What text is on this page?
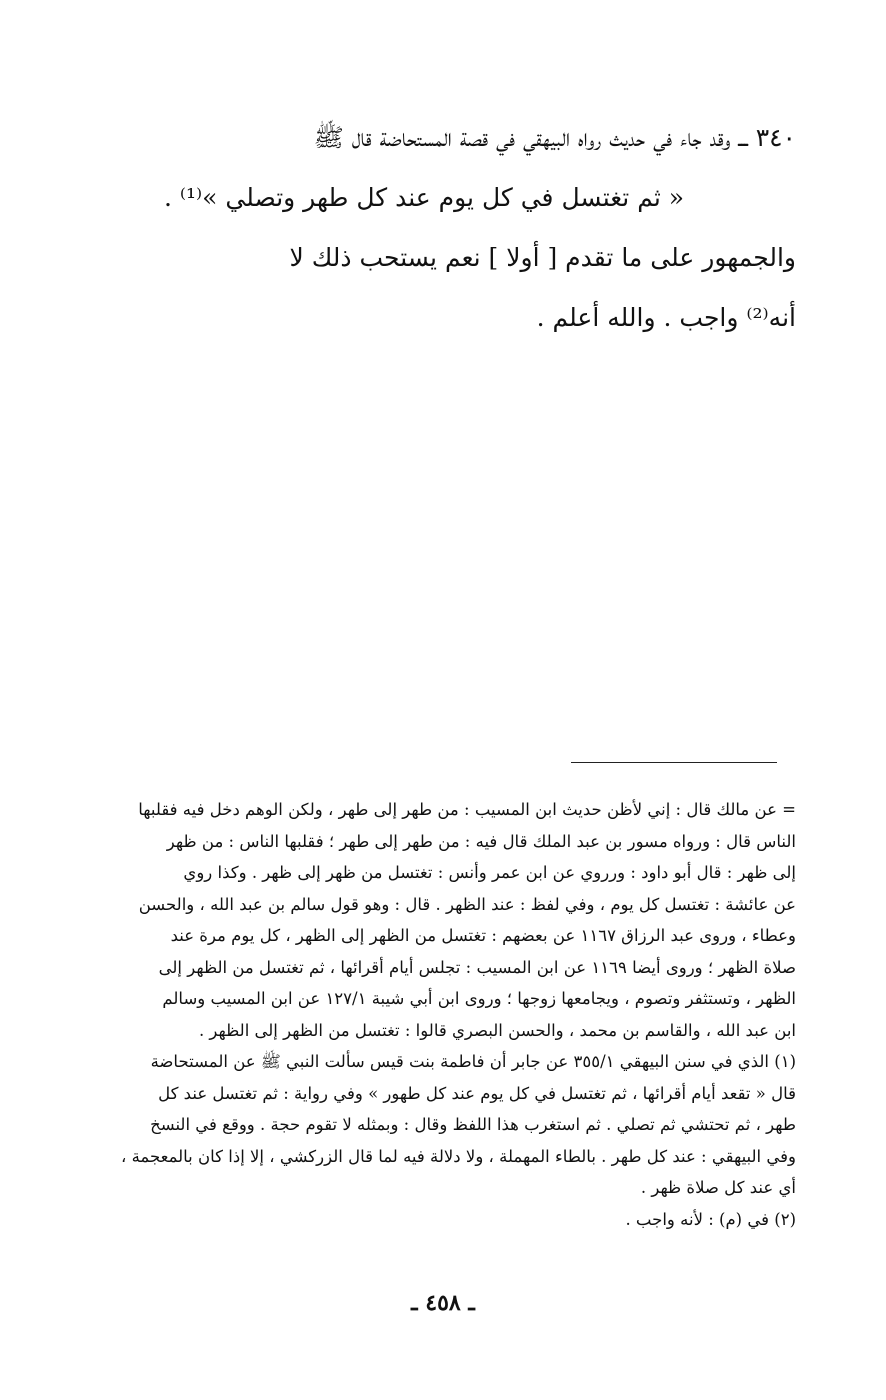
٣٤٠ ـــ وقد جاء في حديث رواه البيهقي في قصة المستحاضة قال ﷺ
« ثم تغتسل في كل يوم عند كل طهر وتصلي »⁽¹⁾ .
والجمهور على ما تقدم [ أولا ] نعم يستحب ذلك لا
أنه⁽²⁾ واجب . والله أعلم .
= عن مالك قال : إني لأظن حديث ابن المسيب : من طهر إلى طهر ، ولكن الوهم دخل فيه فقلبها
الناس قال : ورواه مسور بن عبد الملك قال فيه : من طهر إلى طهر ؛ فقلبها الناس : من ظهر
إلى ظهر : قال أبو داود : ورروي عن ابن عمر وأنس : تغتسل من ظهر إلى ظهر . وكذا روي
عن عائشة : تغتسل كل يوم ، وفي لفظ : عند الظهر . قال : وهو قول سالم بن عبد الله ، والحسن
وعطاء ، وروى عبد الرزاق ١١٦٧ عن بعضهم : تغتسل من الظهر إلى الظهر ، كل يوم مرة عند
صلاة الظهر ؛ وروى أيضا ١١٦٩ عن ابن المسيب : تجلس أيام أقرائها ، ثم تغتسل من الظهر إلى
الظهر ، وتستثفر وتصوم ، ويجامعها زوجها ؛ وروى ابن أبي شيبة ١٢٧/١ عن ابن المسيب وسالم
ابن عبد الله ، والقاسم بن محمد ، والحسن البصري قالوا : تغتسل من الظهر إلى الظهر .
(١) الذي في سنن البيهقي ٣٥٥/١ عن جابر أن فاطمة بنت قيس سألت النبي ﷺ عن المستحاضة
قال « تقعد أيام أقرائها ، ثم تغتسل في كل يوم عند كل طهور » وفي رواية : ثم تغتسل عند كل
طهر ، ثم تحتشي ثم تصلي . ثم استغرب هذا اللفظ وقال : وبمثله لا تقوم حجة . ووقع في النسخ
وفي البيهقي : عند كل طهر . بالطاء المهملة ، ولا دلالة فيه لما قال الزركشي ، إلا إذا كان بالمعجمة ،
أي عند كل صلاة ظهر .
(٢) في (م) : لأنه واجب .
ـ ٤٥٨ ـ
